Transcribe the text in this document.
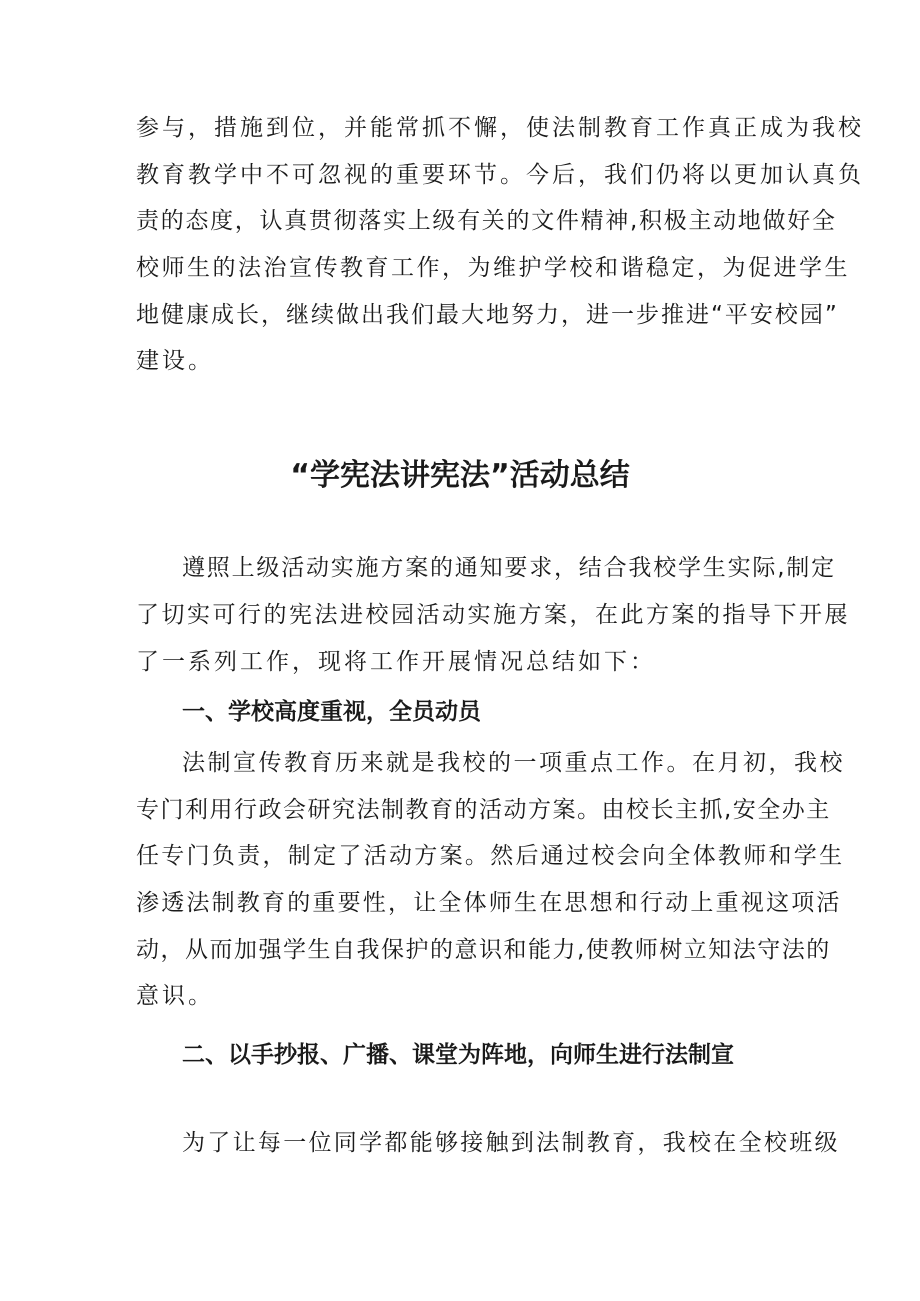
参与，措施到位，并能常抓不懈，使法制教育工作真正成为我校

教育教学中不可忽视的重要环节。今后，我们仍将以更加认真负

责的态度，认真贯彻落实上级有关的文件精神,积极主动地做好全

校师生的法治宣传教育工作，为维护学校和谐稳定，为促进学生

地健康成长，继续做出我们最大地努力，进一步推进“平安校园”

建设。

“学宪法讲宪法”活动总结

遵照上级活动实施方案的通知要求，结合我校学生实际,制定

了切实可行的宪法进校园活动实施方案，在此方案的指导下开展

了一系列工作，现将工作开展情况总结如下：

一、学校高度重视，全员动员

法制宣传教育历来就是我校的一项重点工作。在月初，我校

专门利用行政会研究法制教育的活动方案。由校长主抓,安全办主

任专门负责，制定了活动方案。然后通过校会向全体教师和学生

渗透法制教育的重要性，让全体师生在思想和行动上重视这项活

动，从而加强学生自我保护的意识和能力,使教师树立知法守法的

意识。

二、以手抄报、广播、课堂为阵地，向师生进行法制宣

为了让每一位同学都能够接触到法制教育，我校在全校班级
